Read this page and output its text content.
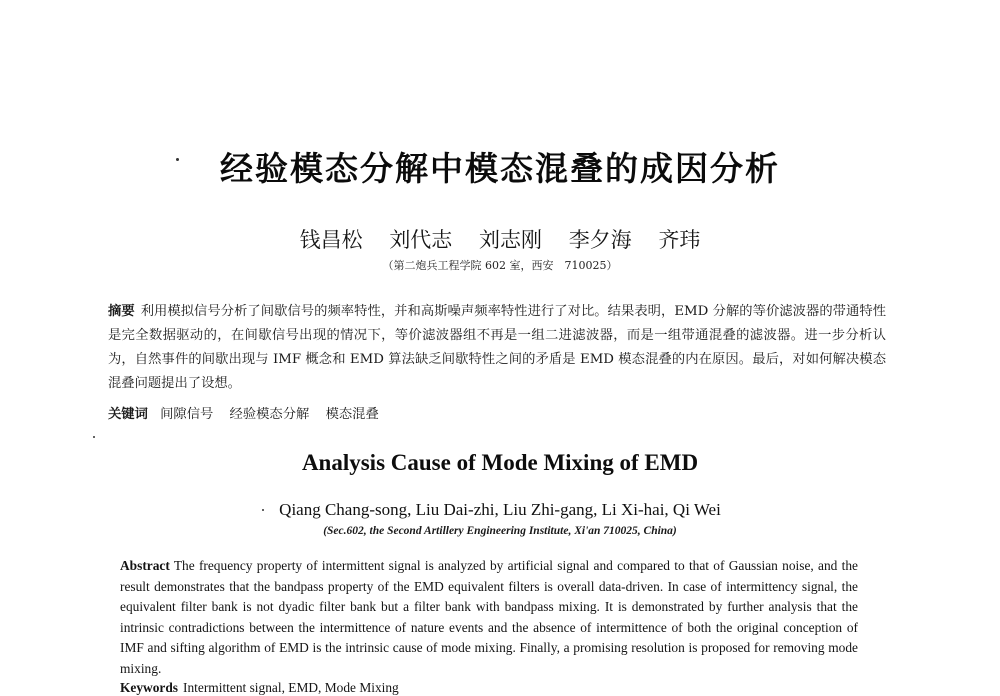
经验模态分解中模态混叠的成因分析
钱昌松 刘代志 刘志刚 李夕海 齐玮
（第二炮兵工程学院 602 室，西安　710025）
摘要 利用模拟信号分析了间歇信号的频率特性，并和高斯噪声频率特性进行了对比。结果表明，EMD 分解的等价滤波器的带通特性是完全数据驱动的，在间歇信号出现的情况下，等价滤波器组不再是一组二进滤波器，而是一组带通混叠的滤波器。进一步分析认为，自然事件的间歇出现与 IMF 概念和 EMD 算法缺乏间歇特性之间的矛盾是 EMD 模态混叠的内在原因。最后，对如何解决模态混叠问题提出了设想。
关键词 间隙信号 经验模态分解 模态混叠
Analysis Cause of Mode Mixing of EMD
Qiang Chang-song, Liu Dai-zhi, Liu Zhi-gang, Li Xi-hai, Qi Wei
(Sec.602, the Second Artillery Engineering Institute, Xi'an 710025, China)
Abstract The frequency property of intermittent signal is analyzed by artificial signal and compared to that of Gaussian noise, and the result demonstrates that the bandpass property of the EMD equivalent filters is overall data-driven. In case of intermittency signal, the equivalent filter bank is not dyadic filter bank but a filter bank with bandpass mixing. It is demonstrated by further analysis that the intrinsic contradictions between the intermittence of nature events and the absence of intermittence of both the original conception of IMF and sifting algorithm of EMD is the intrinsic cause of mode mixing. Finally, a promising resolution is proposed for removing mode mixing.
Keywords Intermittent signal, EMD, Mode Mixing
